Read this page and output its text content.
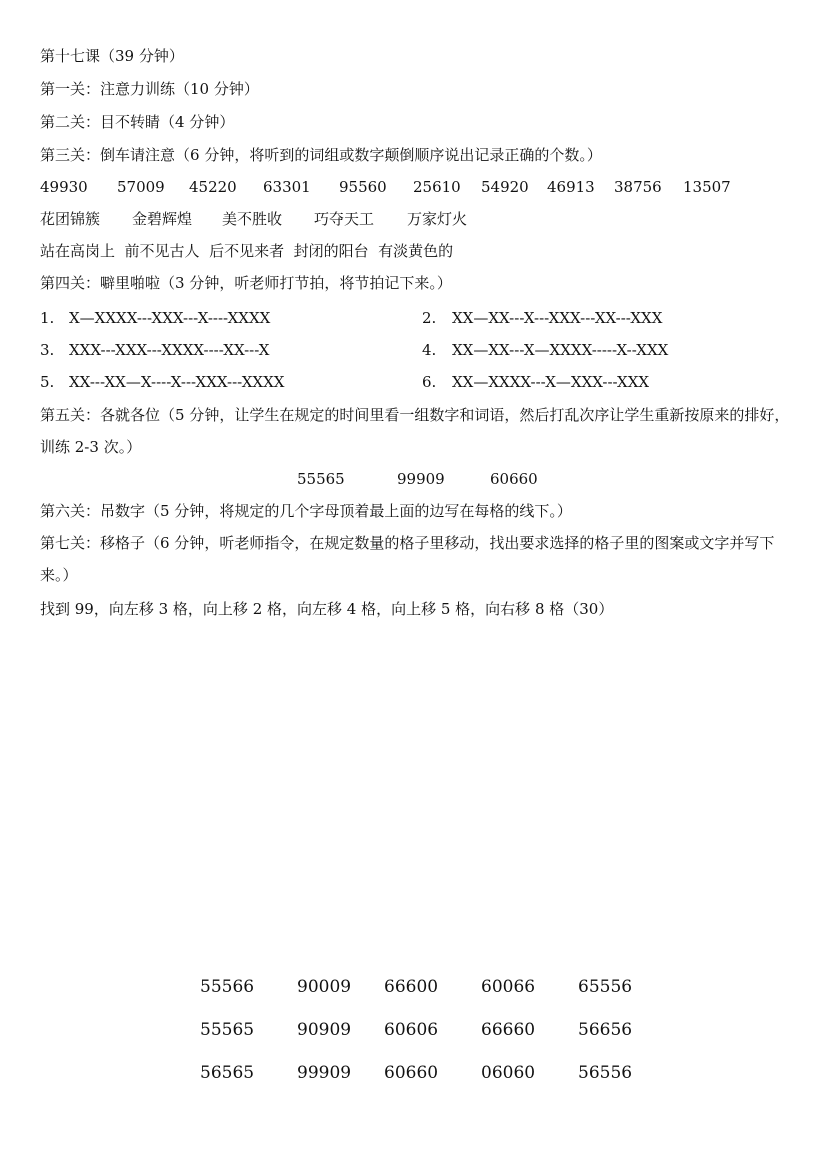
第十七课（39 分钟）
第一关：注意力训练（10 分钟）
第二关：目不转睛（4 分钟）
第三关：倒车请注意（6 分钟，将听到的词组或数字颠倒顺序说出记录正确的个数。）
49930 57009 45220 63301 95560 25610 54920 46913 38756 13507
花团锦簇 金碧辉煌 美不胜收 巧夺天工 万家灯火
站在高岗上  前不见古人  后不见来者  封闭的阳台  有淡黄色的
第四关：噼里啪啦（3 分钟，听老师打节拍，将节拍记下来。）
1. X—XXXX---XXX---X----XXXX	2. XX—XX---X---XXX---XX---XXX
3. XXX---XXX---XXXX----XX---X	4. XX—XX---X—XXXX-----X--XXX
5. XX---XX—X----X---XXX---XXXX	6. XX—XXXX---X—XXX---XXX
第五关：各就各位（5 分钟，让学生在规定的时间里看一组数字和词语，然后打乱次序让学生重新按原来的排好，训练 2-3 次。）
55565	99909	60660
第六关：吊数字（5 分钟，将规定的几个字母顶着最上面的边写在每格的线下。）
第七关：移格子（6 分钟，听老师指令，在规定数量的格子里移动，找出要求选择的格子里的图案或文字并写下来。）
找到 99，向左移 3 格，向上移 2 格，向左移 4 格，向上移 5 格，向右移 8 格（30）
55566	90009 66600	60066	65556
55565	90909 60606	66660	56656
56565	99909 60660	06060	56556
